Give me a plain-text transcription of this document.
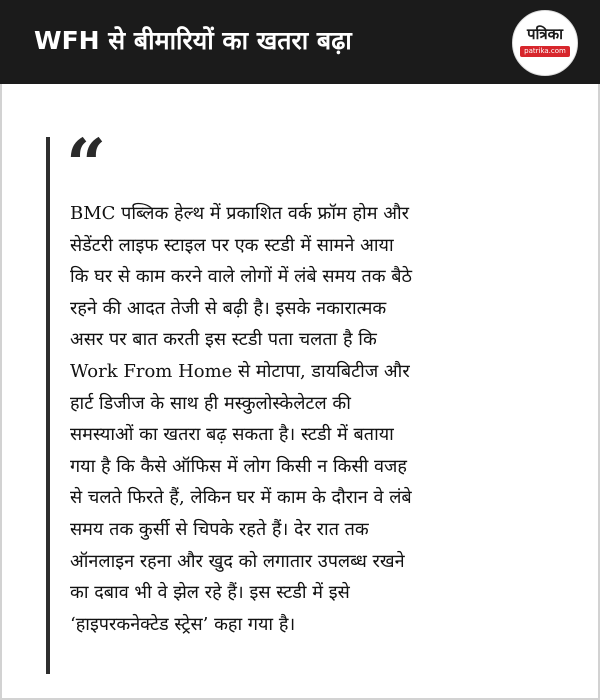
WFH से बीमारियों का खतरा बढ़ा	पत्रिका
patrika.com
“
BMC पब्लिक हेल्थ में प्रकाशित वर्क फ्रॉम होम और
सेडेंटरी लाइफ स्टाइल पर एक स्टडी में सामने आया
कि घर से काम करने वाले लोगों में लंबे समय तक बैठे
रहने की आदत तेजी से बढ़ी है। इसके नकारात्मक
असर पर बात करती इस स्टडी पता चलता है कि
Work From Home से मोटापा, डायबिटीज और
हार्ट डिजीज के साथ ही मस्कुलोस्केलेटल की
समस्याओं का खतरा बढ़ सकता है। स्टडी में बताया
गया है कि कैसे ऑफिस में लोग किसी न किसी वजह
से चलते फिरते हैं, लेकिन घर में काम के दौरान वे लंबे
समय तक कुर्सी से चिपके रहते हैं। देर रात तक
ऑनलाइन रहना और खुद को लगातार उपलब्ध रखने
का दबाव भी वे झेल रहे हैं। इस स्टडी में इसे
‘हाइपरकनेक्टेड स्ट्रेस’ कहा गया है।
